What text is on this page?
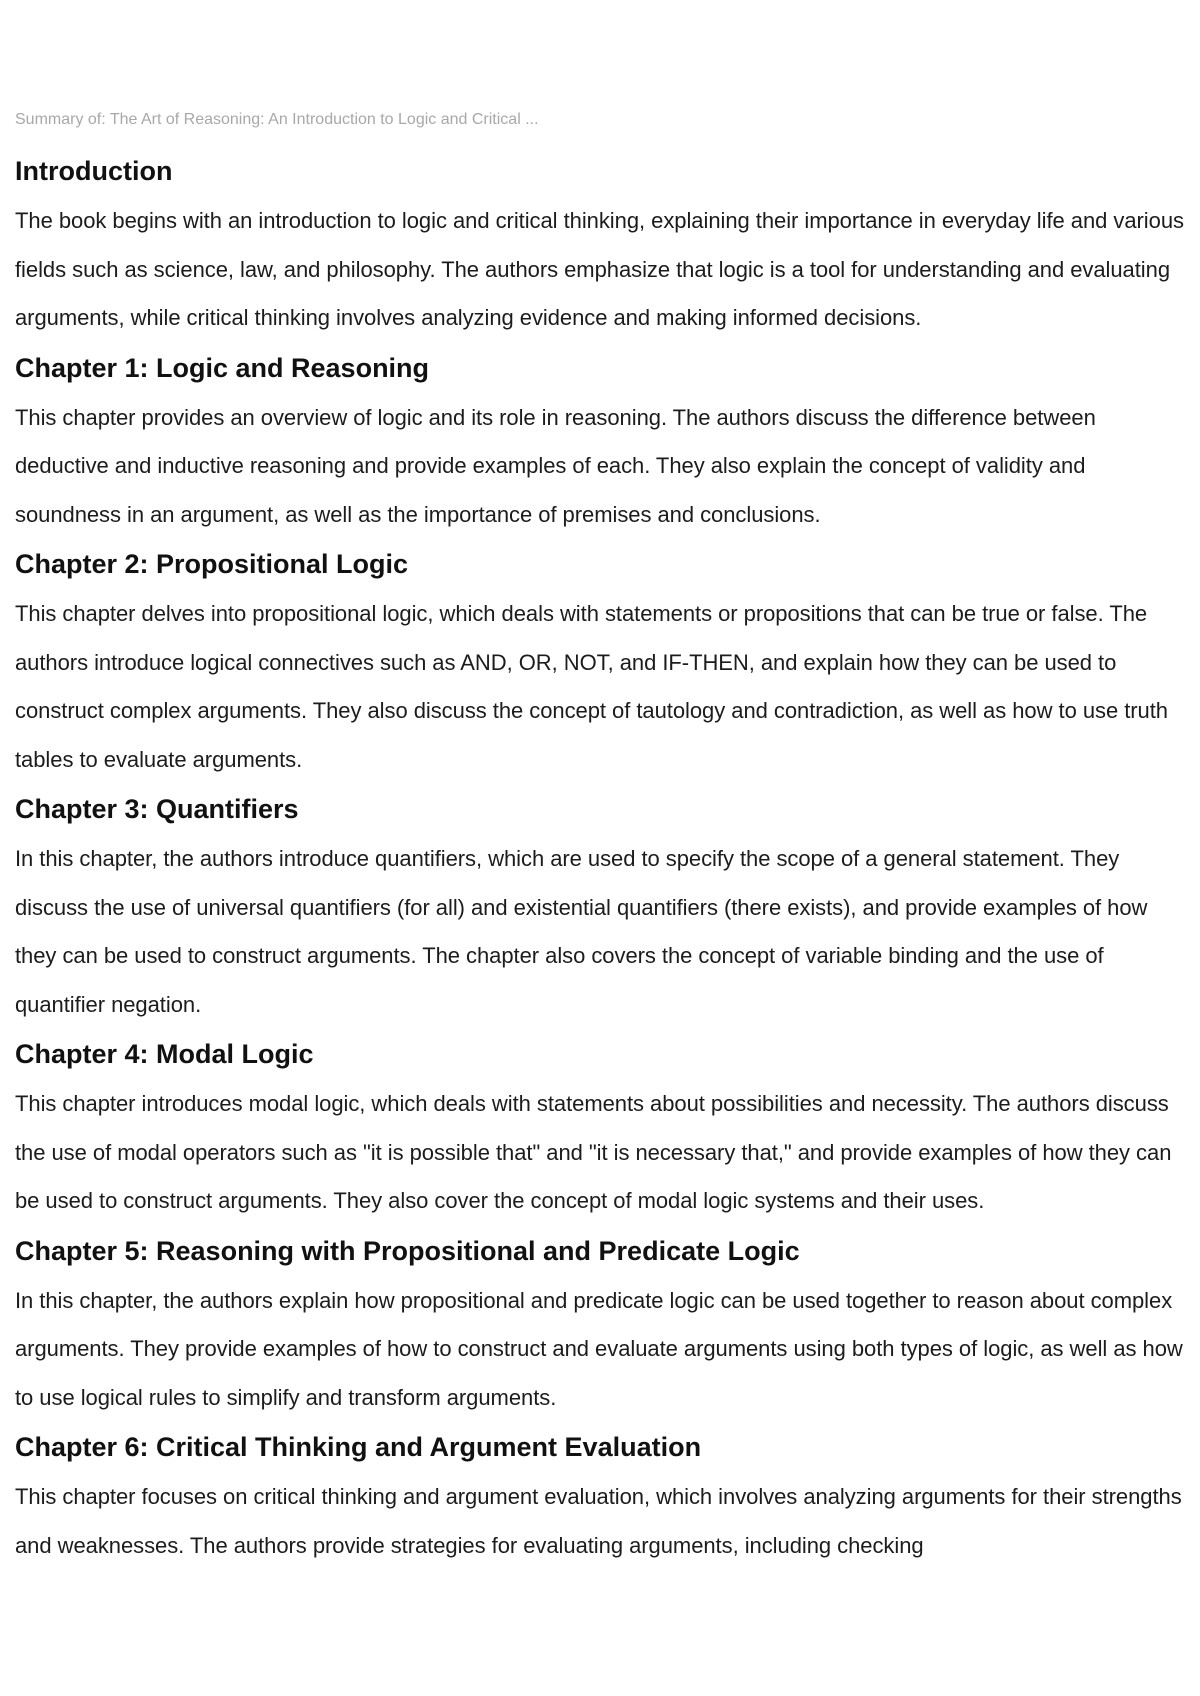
Summary of: The Art of Reasoning: An Introduction to Logic and Critical ...
Introduction

The book begins with an introduction to logic and critical thinking, explaining their importance in everyday life and various fields such as science, law, and philosophy. The authors emphasize that logic is a tool for understanding and evaluating arguments, while critical thinking involves analyzing evidence and making informed decisions.

Chapter 1: Logic and Reasoning

This chapter provides an overview of logic and its role in reasoning. The authors discuss the difference between deductive and inductive reasoning and provide examples of each. They also explain the concept of validity and soundness in an argument, as well as the importance of premises and conclusions.

Chapter 2: Propositional Logic

This chapter delves into propositional logic, which deals with statements or propositions that can be true or false. The authors introduce logical connectives such as AND, OR, NOT, and IF-THEN, and explain how they can be used to construct complex arguments. They also discuss the concept of tautology and contradiction, as well as how to use truth tables to evaluate arguments.

Chapter 3: Quantifiers

In this chapter, the authors introduce quantifiers, which are used to specify the scope of a general statement. They discuss the use of universal quantifiers (for all) and existential quantifiers (there exists), and provide examples of how they can be used to construct arguments. The chapter also covers the concept of variable binding and the use of quantifier negation.

Chapter 4: Modal Logic

This chapter introduces modal logic, which deals with statements about possibilities and necessity. The authors discuss the use of modal operators such as "it is possible that" and "it is necessary that," and provide examples of how they can be used to construct arguments. They also cover the concept of modal logic systems and their uses.

Chapter 5: Reasoning with Propositional and Predicate Logic

In this chapter, the authors explain how propositional and predicate logic can be used together to reason about complex arguments. They provide examples of how to construct and evaluate arguments using both types of logic, as well as how to use logical rules to simplify and transform arguments.

Chapter 6: Critical Thinking and Argument Evaluation

This chapter focuses on critical thinking and argument evaluation, which involves analyzing arguments for their strengths and weaknesses. The authors provide strategies for evaluating arguments, including checking
